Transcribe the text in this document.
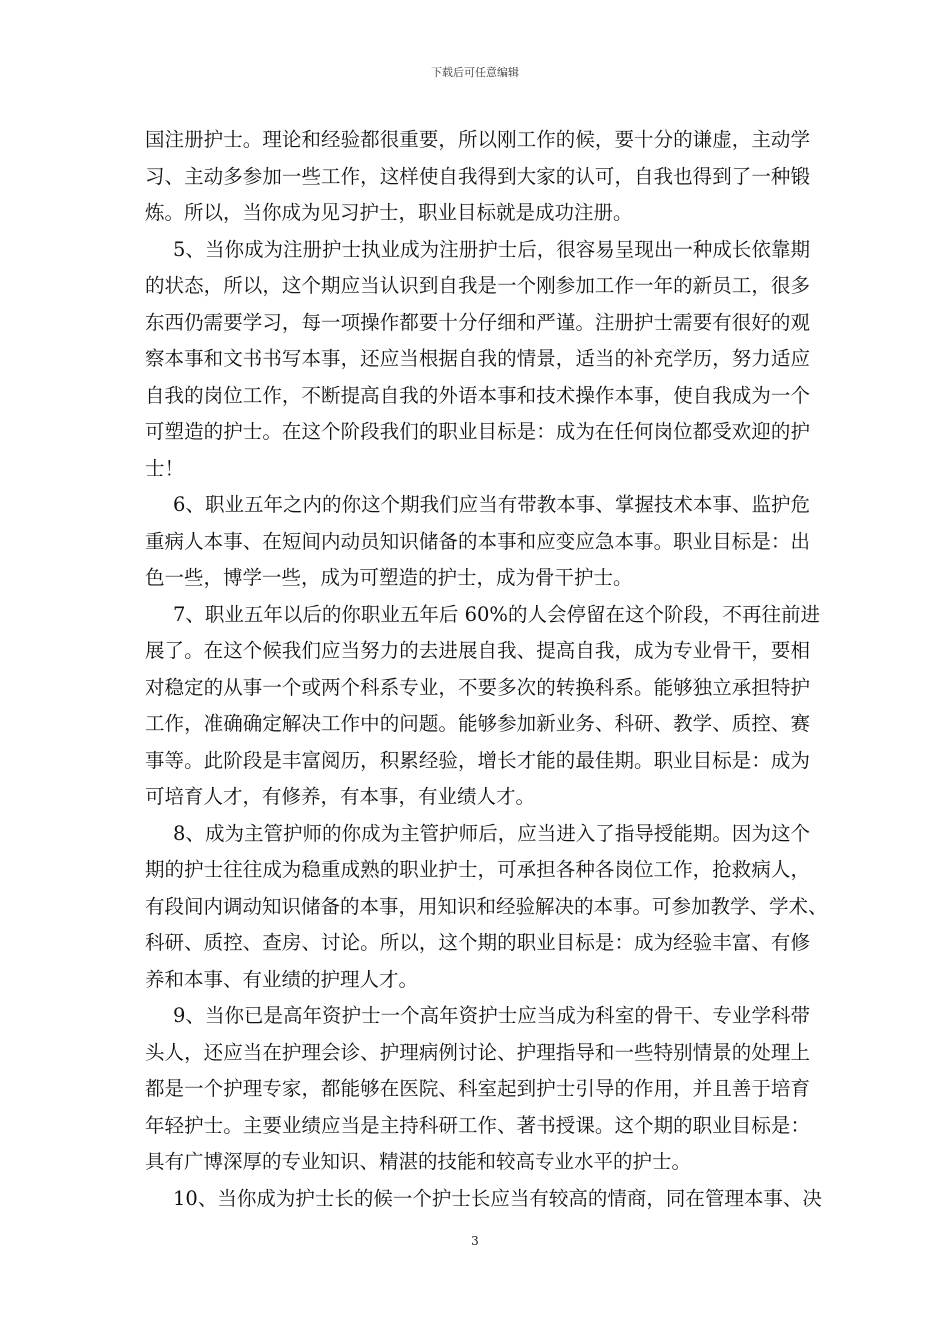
下载后可任意编辑
国注册护士。理论和经验都很重要，所以刚工作的候，要十分的谦虚，主动学
习、主动多参加一些工作，这样使自我得到大家的认可，自我也得到了一种锻
炼。所以，当你成为见习护士，职业目标就是成功注册。
5、当你成为注册护士执业成为注册护士后，很容易呈现出一种成长依靠期
的状态，所以，这个期应当认识到自我是一个刚参加工作一年的新员工，很多
东西仍需要学习，每一项操作都要十分仔细和严谨。注册护士需要有很好的观
察本事和文书书写本事，还应当根据自我的情景，适当的补充学历，努力适应
自我的岗位工作，不断提高自我的外语本事和技术操作本事，使自我成为一个
可塑造的护士。在这个阶段我们的职业目标是：成为在任何岗位都受欢迎的护
士！
6、职业五年之内的你这个期我们应当有带教本事、掌握技术本事、监护危
重病人本事、在短间内动员知识储备的本事和应变应急本事。职业目标是：出
色一些，博学一些，成为可塑造的护士，成为骨干护士。
7、职业五年以后的你职业五年后 60%的人会停留在这个阶段，不再往前进
展了。在这个候我们应当努力的去进展自我、提高自我，成为专业骨干，要相
对稳定的从事一个或两个科系专业，不要多次的转换科系。能够独立承担特护
工作，准确确定解决工作中的问题。能够参加新业务、科研、教学、质控、赛
事等。此阶段是丰富阅历，积累经验，增长才能的最佳期。职业目标是：成为
可培育人才，有修养，有本事，有业绩人才。
8、成为主管护师的你成为主管护师后，应当进入了指导授能期。因为这个
期的护士往往成为稳重成熟的职业护士，可承担各种各岗位工作，抢救病人，
有段间内调动知识储备的本事，用知识和经验解决的本事。可参加教学、学术、
科研、质控、查房、讨论。所以，这个期的职业目标是：成为经验丰富、有修
养和本事、有业绩的护理人才。
9、当你已是高年资护士一个高年资护士应当成为科室的骨干、专业学科带
头人，还应当在护理会诊、护理病例讨论、护理指导和一些特别情景的处理上
都是一个护理专家，都能够在医院、科室起到护士引导的作用，并且善于培育
年轻护士。主要业绩应当是主持科研工作、著书授课。这个期的职业目标是：
具有广博深厚的专业知识、精湛的技能和较高专业水平的护士。
10、当你成为护士长的候一个护士长应当有较高的情商，同在管理本事、决
3
